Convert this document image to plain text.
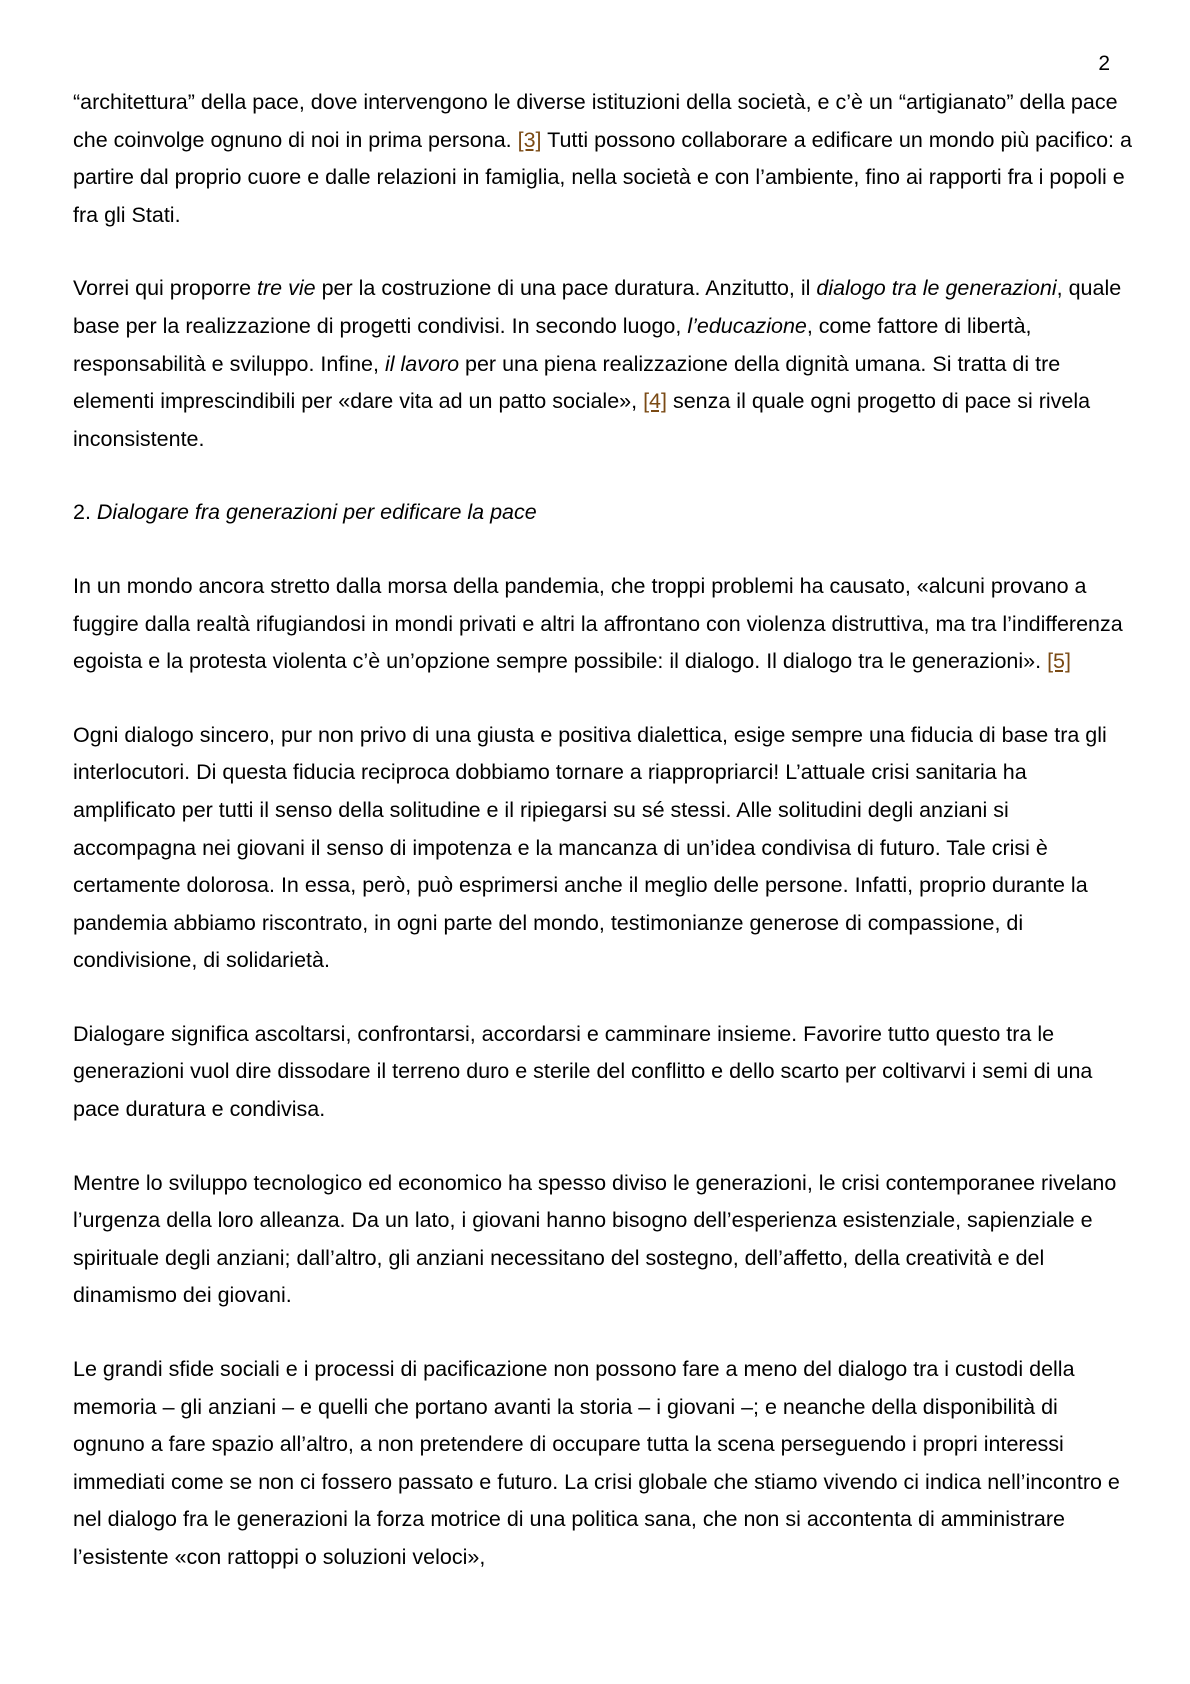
2

“architettura” della pace, dove intervengono le diverse istituzioni della società, e c’è un “artigianato” della pace che coinvolge ognuno di noi in prima persona. [3] Tutti possono collaborare a edificare un mondo più pacifico: a partire dal proprio cuore e dalle relazioni in famiglia, nella società e con l’ambiente, fino ai rapporti fra i popoli e fra gli Stati.

Vorrei qui proporre tre vie per la costruzione di una pace duratura. Anzitutto, il dialogo tra le generazioni, quale base per la realizzazione di progetti condivisi. In secondo luogo, l’educazione, come fattore di libertà, responsabilità e sviluppo. Infine, il lavoro per una piena realizzazione della dignità umana. Si tratta di tre elementi imprescindibili per «dare vita ad un patto sociale», [4] senza il quale ogni progetto di pace si rivela inconsistente.

2. Dialogare fra generazioni per edificare la pace

In un mondo ancora stretto dalla morsa della pandemia, che troppi problemi ha causato, «alcuni provano a fuggire dalla realtà rifugiandosi in mondi privati e altri la affrontano con violenza distruttiva, ma tra l’indifferenza egoista e la protesta violenta c’è un’opzione sempre possibile: il dialogo. Il dialogo tra le generazioni». [5]

Ogni dialogo sincero, pur non privo di una giusta e positiva dialettica, esige sempre una fiducia di base tra gli interlocutori. Di questa fiducia reciproca dobbiamo tornare a riappropriarci! L’attuale crisi sanitaria ha amplificato per tutti il senso della solitudine e il ripiegarsi su sé stessi. Alle solitudini degli anziani si accompagna nei giovani il senso di impotenza e la mancanza di un’idea condivisa di futuro. Tale crisi è certamente dolorosa. In essa, però, può esprimersi anche il meglio delle persone. Infatti, proprio durante la pandemia abbiamo riscontrato, in ogni parte del mondo, testimonianze generose di compassione, di condivisione, di solidarietà.

Dialogare significa ascoltarsi, confrontarsi, accordarsi e camminare insieme. Favorire tutto questo tra le generazioni vuol dire dissodare il terreno duro e sterile del conflitto e dello scarto per coltivarvi i semi di una pace duratura e condivisa.

Mentre lo sviluppo tecnologico ed economico ha spesso diviso le generazioni, le crisi contemporanee rivelano l’urgenza della loro alleanza. Da un lato, i giovani hanno bisogno dell’esperienza esistenziale, sapienziale e spirituale degli anziani; dall’altro, gli anziani necessitano del sostegno, dell’affetto, della creatività e del dinamismo dei giovani.

Le grandi sfide sociali e i processi di pacificazione non possono fare a meno del dialogo tra i custodi della memoria – gli anziani – e quelli che portano avanti la storia – i giovani –; e neanche della disponibilità di ognuno a fare spazio all’altro, a non pretendere di occupare tutta la scena perseguendo i propri interessi immediati come se non ci fossero passato e futuro. La crisi globale che stiamo vivendo ci indica nell’incontro e nel dialogo fra le generazioni la forza motrice di una politica sana, che non si accontenta di amministrare l’esistente «con rattoppi o soluzioni veloci»,
